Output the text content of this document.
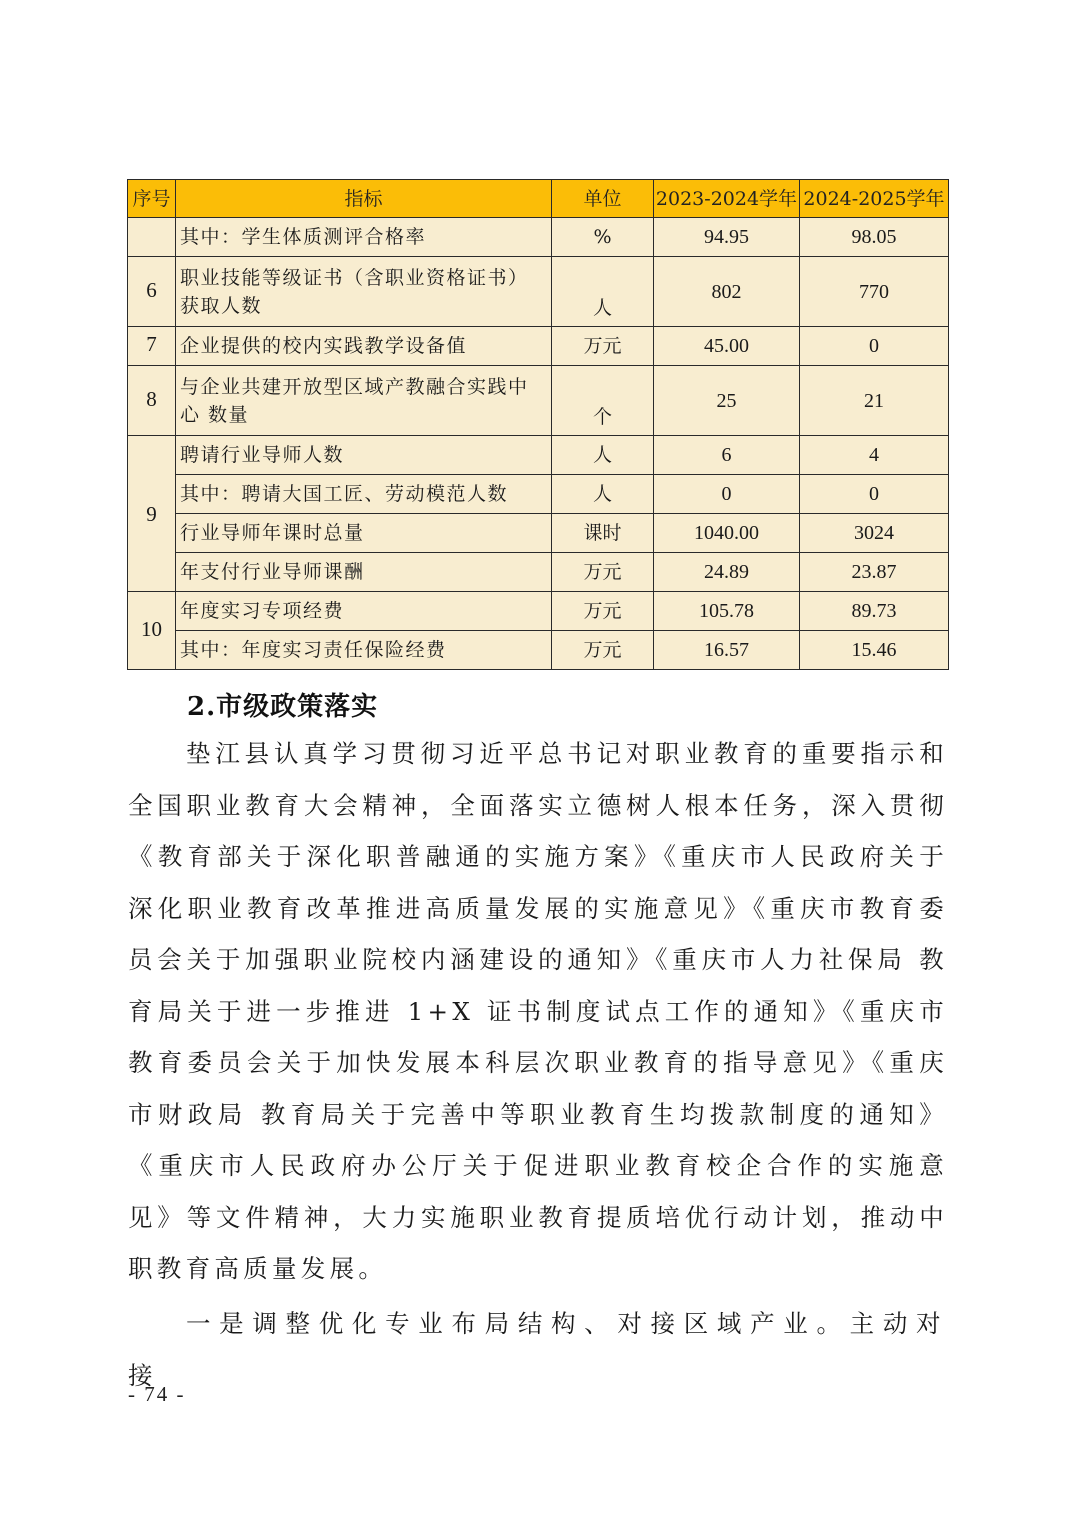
序号	指标	单位	2023-2024学年	2024-2025学年
	其中：学生体质测评合格率	%	94.95	98.05
6	职业技能等级证书（含职业资格证书）获取人数	人	802	770
7	企业提供的校内实践教学设备值	万元	45.00	0
8	与企业共建开放型区域产教融合实践中心 数量	个	25	21
9	聘请行业导师人数	人	6	4
	其中：聘请大国工匠、劳动模范人数	人	0	0
	行业导师年课时总量	课时	1040.00	3024
	年支付行业导师课酬	万元	24.89	23.87
10	年度实习专项经费	万元	105.78	89.73
	其中：年度实习责任保险经费	万元	16.57	15.46
2.市级政策落实

垫江县认真学习贯彻习近平总书记对职业教育的重要指示和全国职业教育大会精神，全面落实立德树人根本任务，深入贯彻《教育部关于深化职普融通的实施方案》《重庆市人民政府关于深化职业教育改革推进高质量发展的实施意见》《重庆市教育委员会关于加强职业院校内涵建设的通知》《重庆市人力社保局 教育局关于进一步推进 1+X 证书制度试点工作的通知》《重庆市教育委员会关于加快发展本科层次职业教育的指导意见》《重庆市财政局 教育局关于完善中等职业教育生均拨款制度的通知》《重庆市人民政府办公厅关于促进职业教育校企合作的实施意见》等文件精神，大力实施职业教育提质培优行动计划，推动中职教育高质量发展。

一是调整优化专业布局结构、对接区域产业。主动对接

- 74 -
